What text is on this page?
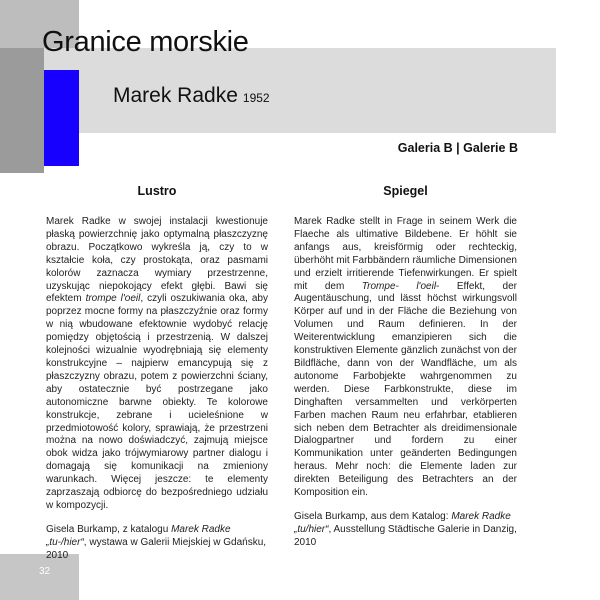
Granice morskie
Marek Radke 1952
Galeria B | Galerie B
Lustro

Marek Radke w swojej instalacji kwestionuje płaską powierzchnię jako optymalną płaszczyznę obrazu. Początkowo wykreśla ją, czy to w kształcie koła, czy prostokąta, oraz pasmami kolorów zaznacza wymiary przestrzenne, uzyskując niepokojący efekt głębi. Bawi się efektem trompe l'oeil, czyli oszukiwania oka, aby poprzez mocne formy na płaszczyźnie oraz formy w nią wbudowane efektownie wydobyć relację pomiędzy objętością i przestrzenią. W dalszej kolejności wizualnie wyodrębniają się elementy konstrukcyjne – najpierw emancypują się z płaszczyzny obrazu, potem z powierzchni ściany, aby ostatecznie być postrzegane jako autonomiczne barwne obiekty. Te kolorowe konstrukcje, zebrane i ucieleśnione w przedmiotowość kolory, sprawiają, że przestrzeni można na nowo doświadczyć, zajmują miejsce obok widza jako trójwymiarowy partner dialogu i domagają się komunikacji na zmieniony warunkach. Więcej jeszcze: te elementy zaprzaszają odbiorcę do bezpośredniego udziału w kompozycji.

Gisela Burkamp, z katalogu Marek Radke „tu-/hier“, wystawa w Galerii Miejskiej w Gdańsku, 2010

Spiegel

Marek Radke stellt in Frage in seinem Werk die Flaeche als ultimative Bildebene. Er höhlt sie anfangs aus, kreisförmig oder rechteckig, überhöht mit Farbbändern räumliche Dimensionen und erzielt irritierende Tiefenwirkungen. Er spielt mit dem Trompe- l'oeil- Effekt, der Augentäuschung, und lässt höchst wirkungsvoll Körper auf und in der Fläche die Beziehung von Volumen und Raum definieren. In der Weiterentwicklung emanzipieren sich die konstruktiven Elemente gänzlich zunächst von der Bildfläche, dann von der Wandfläche, um als autonome Farbobjekte wahrgenommen zu werden. Diese Farbkonstrukte, diese im Dinghaften versammelten und verkörperten Farben machen Raum neu erfahrbar, etablieren sich neben dem Betrachter als dreidimensionale Dialogpartner und fordern zu einer Kommunikation unter geänderten Bedingungen heraus. Mehr noch: die Elemente laden zur direkten Beteiligung des Betrachters an der Komposition ein.

Gisela Burkamp, aus dem Katalog: Marek Radke „tu/hier“, Ausstellung Städtische Galerie in Danzig, 2010

32
